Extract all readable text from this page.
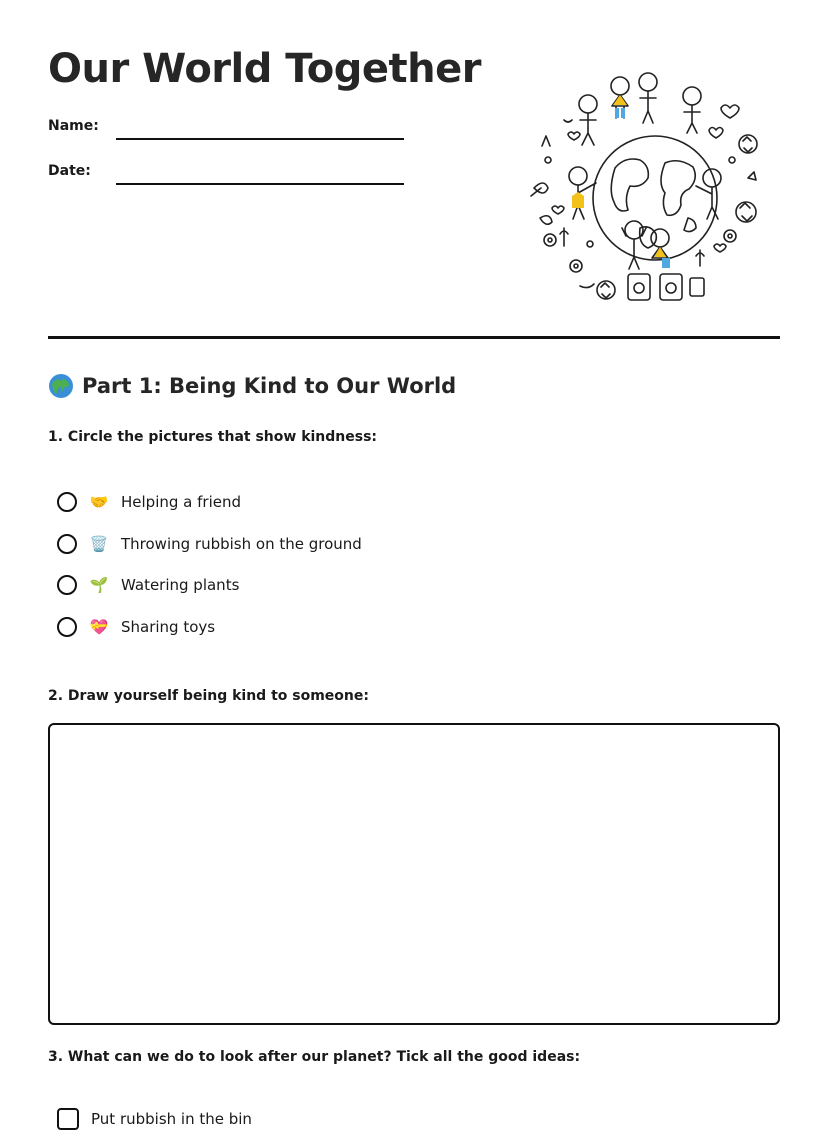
Our World Together
Name:
Date:
Part 1: Being Kind to Our World
1. Circle the pictures that show kindness:
🤝 Helping a friend
🗑️ Throwing rubbish on the ground
🌱 Watering plants
💝 Sharing toys
2. Draw yourself being kind to someone:
3. What can we do to look after our planet? Tick all the good ideas:
Put rubbish in the bin
